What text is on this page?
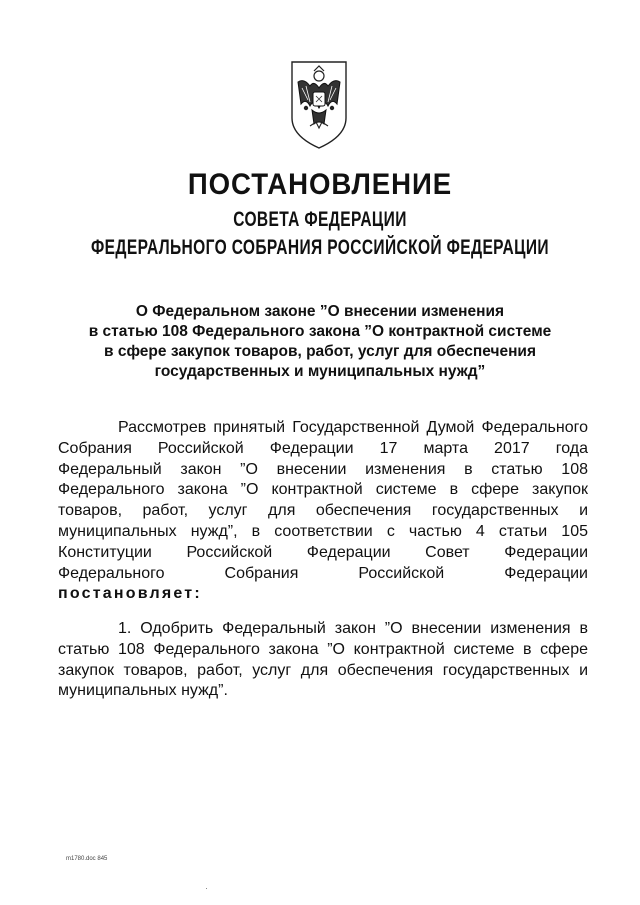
ПОСТАНОВЛЕНИЕ
СОВЕТА ФЕДЕРАЦИИ
ФЕДЕРАЛЬНОГО СОБРАНИЯ РОССИЙСКОЙ ФЕДЕРАЦИИ
О Федеральном законе ”О внесении изменения
в статью 108 Федерального закона ”О контрактной системе
в сфере закупок товаров, работ, услуг для обеспечения
государственных и муниципальных нужд”
Рассмотрев принятый Государственной Думой Федерального
Собрания Российской Федерации 17 марта 2017 года
Федеральный закон ”О внесении изменения в статью 108
Федерального закона ”О контрактной системе в сфере закупок
товаров, работ, услуг для обеспечения государственных и
муниципальных нужд”, в соответствии с частью 4 статьи 105
Конституции Российской Федерации Совет Федерации
Федерального Собрания Российской Федерации
постановляет:
1. Одобрить Федеральный закон ”О внесении изменения в
статью 108 Федерального закона ”О контрактной системе в сфере
закупок товаров, работ, услуг для обеспечения государственных и
муниципальных нужд”.
m1780.doc 845
